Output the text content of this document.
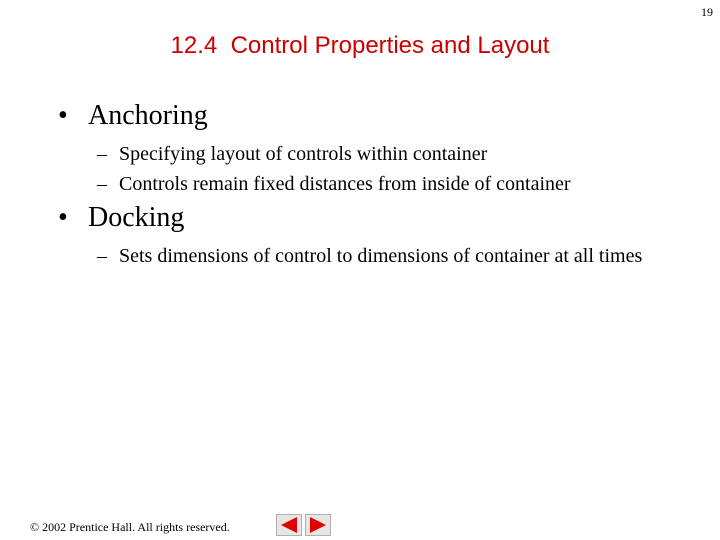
19
12.4  Control Properties and Layout
• Anchoring
– Specifying layout of controls within container
– Controls remain fixed distances from inside of container
• Docking
– Sets dimensions of control to dimensions of container at all times
© 2002 Prentice Hall. All rights reserved.
